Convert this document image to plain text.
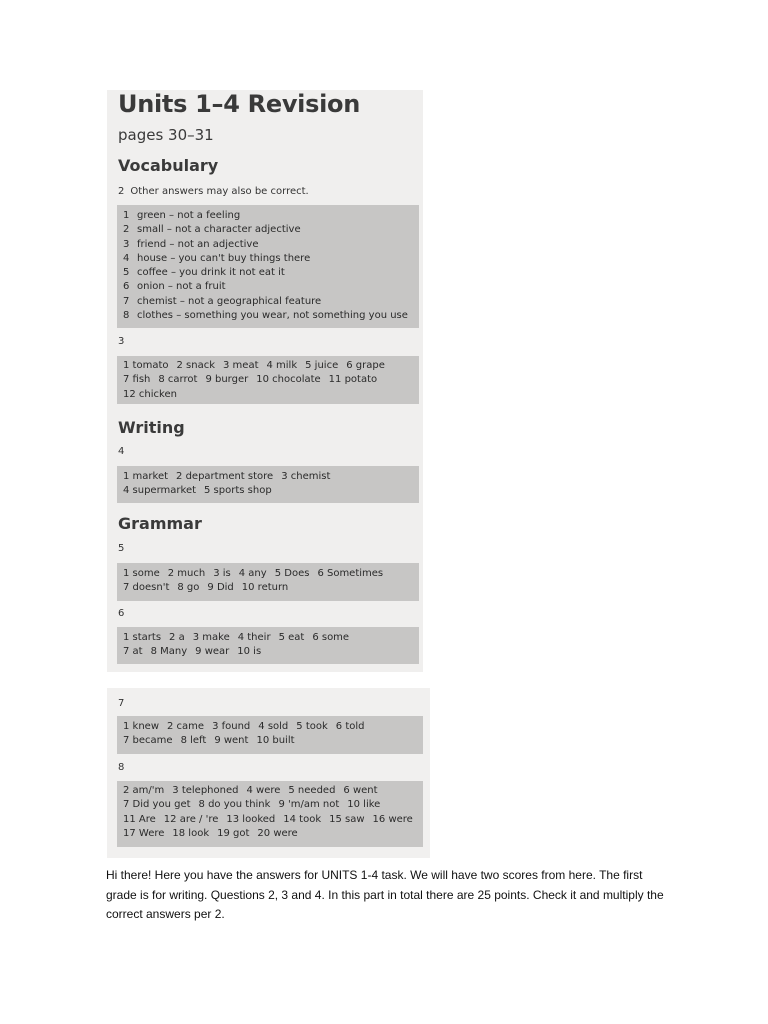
Units 1–4 Revision
pages 30–31
Vocabulary
2 Other answers may also be correct.
1 green – not a feeling
2 small – not a character adjective
3 friend – not an adjective
4 house – you can't buy things there
5 coffee – you drink it not eat it
6 onion – not a fruit
7 chemist – not a geographical feature
8 clothes – something you wear, not something you use
3
1 tomato 2 snack 3 meat 4 milk 5 juice 6 grape
7 fish 8 carrot 9 burger 10 chocolate 11 potato
12 chicken
Writing
4
1 market 2 department store 3 chemist
4 supermarket 5 sports shop
Grammar
5
1 some 2 much 3 is 4 any 5 Does 6 Sometimes
7 doesn't 8 go 9 Did 10 return
6
1 starts 2 a 3 make 4 their 5 eat 6 some
7 at 8 Many 9 wear 10 is
7
1 knew 2 came 3 found 4 sold 5 took 6 told
7 became 8 left 9 went 10 built
8
2 am/'m 3 telephoned 4 were 5 needed 6 went
7 Did you get 8 do you think 9 'm/am not 10 like
11 Are 12 are / 're 13 looked 14 took 15 saw 16 were
17 Were 18 look 19 got 20 were
Hi there! Here you have the answers for UNITS 1-4 task. We will have two scores from here. The first grade is for writing. Questions 2, 3 and 4. In this part in total there are 25 points. Check it and multiply the correct answers per 2.
